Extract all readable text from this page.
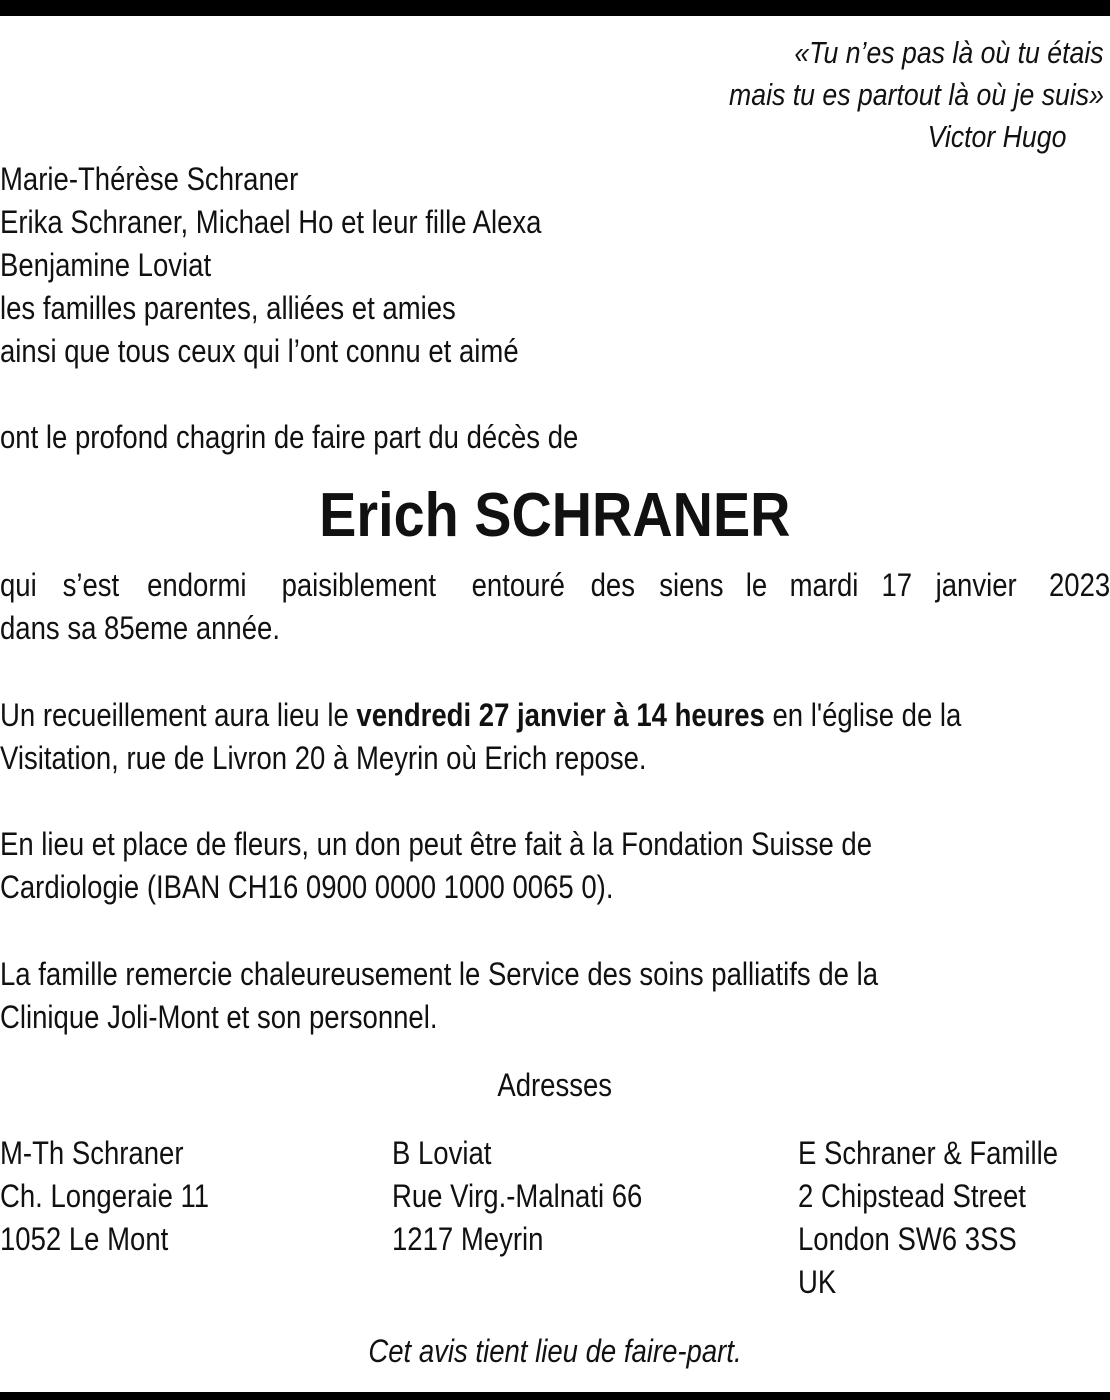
«Tu n’es pas là où tu étais
mais tu es partout là où je suis»
Victor Hugo
Marie-Thérèse Schraner
Erika Schraner, Michael Ho et leur fille Alexa
Benjamine Loviat
les familles parentes, alliées et amies
ainsi que tous ceux qui l’ont connu et aimé
ont le profond chagrin de faire part du décès de
Erich SCHRANER
qui s’est endormi paisiblement entouré des siens le mardi 17 janvier 2023
dans sa 85eme année.
Un recueillement aura lieu le vendredi 27 janvier à 14 heures en l'église de la
Visitation, rue de Livron 20 à Meyrin où Erich repose.
En lieu et place de fleurs, un don peut être fait à la Fondation Suisse de
Cardiologie (IBAN CH16 0900 0000 1000 0065 0).
La famille remercie chaleureusement le Service des soins palliatifs de la
Clinique Joli-Mont et son personnel.
Adresses
M-Th Schraner
Ch. Longeraie 11
1052 Le Mont
B Loviat
Rue Virg.-Malnati 66
1217 Meyrin
E Schraner & Famille
2 Chipstead Street
London SW6 3SS
UK
Cet avis tient lieu de faire-part.
